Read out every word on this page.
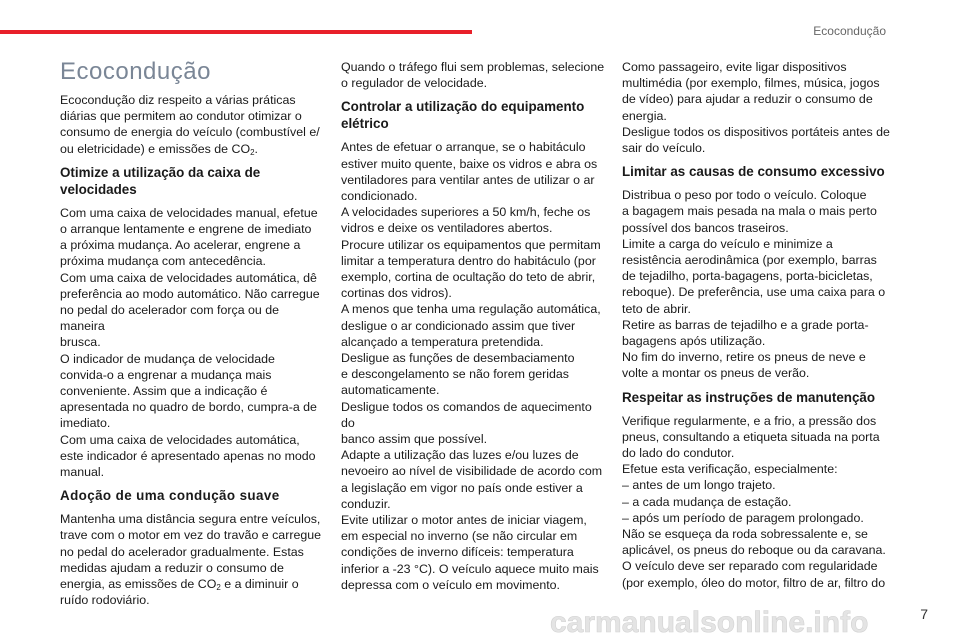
Ecocondução
Ecocondução

Ecocondução diz respeito a várias práticas
diárias que permitem ao condutor otimizar o
consumo de energia do veículo (combustível e/
ou eletricidade) e emissões de $CO_2$.

Otimize a utilização da caixa de velocidades

Com uma caixa de velocidades manual, efetue
o arranque lentamente e engrene de imediato
a próxima mudança. Ao acelerar, engrene a
próxima mudança com antecedência.
Com uma caixa de velocidades automática, dê
preferência ao modo automático. Não carregue
no pedal do acelerador com força ou de maneira
brusca.
O indicador de mudança de velocidade
convida-o a engrenar a mudança mais
conveniente. Assim que a indicação é
apresentada no quadro de bordo, cumpra-a de
imediato.
Com uma caixa de velocidades automática,
este indicador é apresentado apenas no modo
manual.

Adoção de uma condução suave

Mantenha uma distância segura entre veículos,
trave com o motor em vez do travão e carregue
no pedal do acelerador gradualmente. Estas
medidas ajudam a reduzir o consumo de
energia, as emissões de $CO_2$ e a diminuir o
ruído rodoviário.

Quando o tráfego flui sem problemas, selecione
o regulador de velocidade.

Controlar a utilização do equipamento elétrico

Antes de efetuar o arranque, se o habitáculo
estiver muito quente, baixe os vidros e abra os
ventiladores para ventilar antes de utilizar o ar
condicionado.
A velocidades superiores a 50 km/h, feche os
vidros e deixe os ventiladores abertos.
Procure utilizar os equipamentos que permitam
limitar a temperatura dentro do habitáculo (por
exemplo, cortina de ocultação do teto de abrir,
cortinas dos vidros).
A menos que tenha uma regulação automática,
desligue o ar condicionado assim que tiver
alcançado a temperatura pretendida.
Desligue as funções de desembaciamento
e descongelamento se não forem geridas
automaticamente.
Desligue todos os comandos de aquecimento do
banco assim que possível.
Adapte a utilização das luzes e/ou luzes de
nevoeiro ao nível de visibilidade de acordo com
a legislação em vigor no país onde estiver a
conduzir.
Evite utilizar o motor antes de iniciar viagem,
em especial no inverno (se não circular em
condições de inverno difíceis: temperatura
inferior a -23 °C). O veículo aquece muito mais
depressa com o veículo em movimento.

Como passageiro, evite ligar dispositivos
multimédia (por exemplo, filmes, música, jogos
de vídeo) para ajudar a reduzir o consumo de
energia.
Desligue todos os dispositivos portáteis antes de
sair do veículo.

Limitar as causas de consumo excessivo

Distribua o peso por todo o veículo. Coloque
a bagagem mais pesada na mala o mais perto
possível dos bancos traseiros.
Limite a carga do veículo e minimize a
resistência aerodinâmica (por exemplo, barras
de tejadilho, porta-bagagens, porta-bicicletas,
reboque). De preferência, use uma caixa para o
teto de abrir.
Retire as barras de tejadilho e a grade porta-
bagagens após utilização.
No fim do inverno, retire os pneus de neve e
volte a montar os pneus de verão.

Respeitar as instruções de manutenção

Verifique regularmente, e a frio, a pressão dos
pneus, consultando a etiqueta situada na porta
do lado do condutor.
Efetue esta verificação, especialmente:
– antes de um longo trajeto.
– a cada mudança de estação.
– após um período de paragem prolongado.
Não se esqueça da roda sobressalente e, se
aplicável, os pneus do reboque ou da caravana.
O veículo deve ser reparado com regularidade
(por exemplo, óleo do motor, filtro de ar, filtro do

carmanualsonline.info	7
